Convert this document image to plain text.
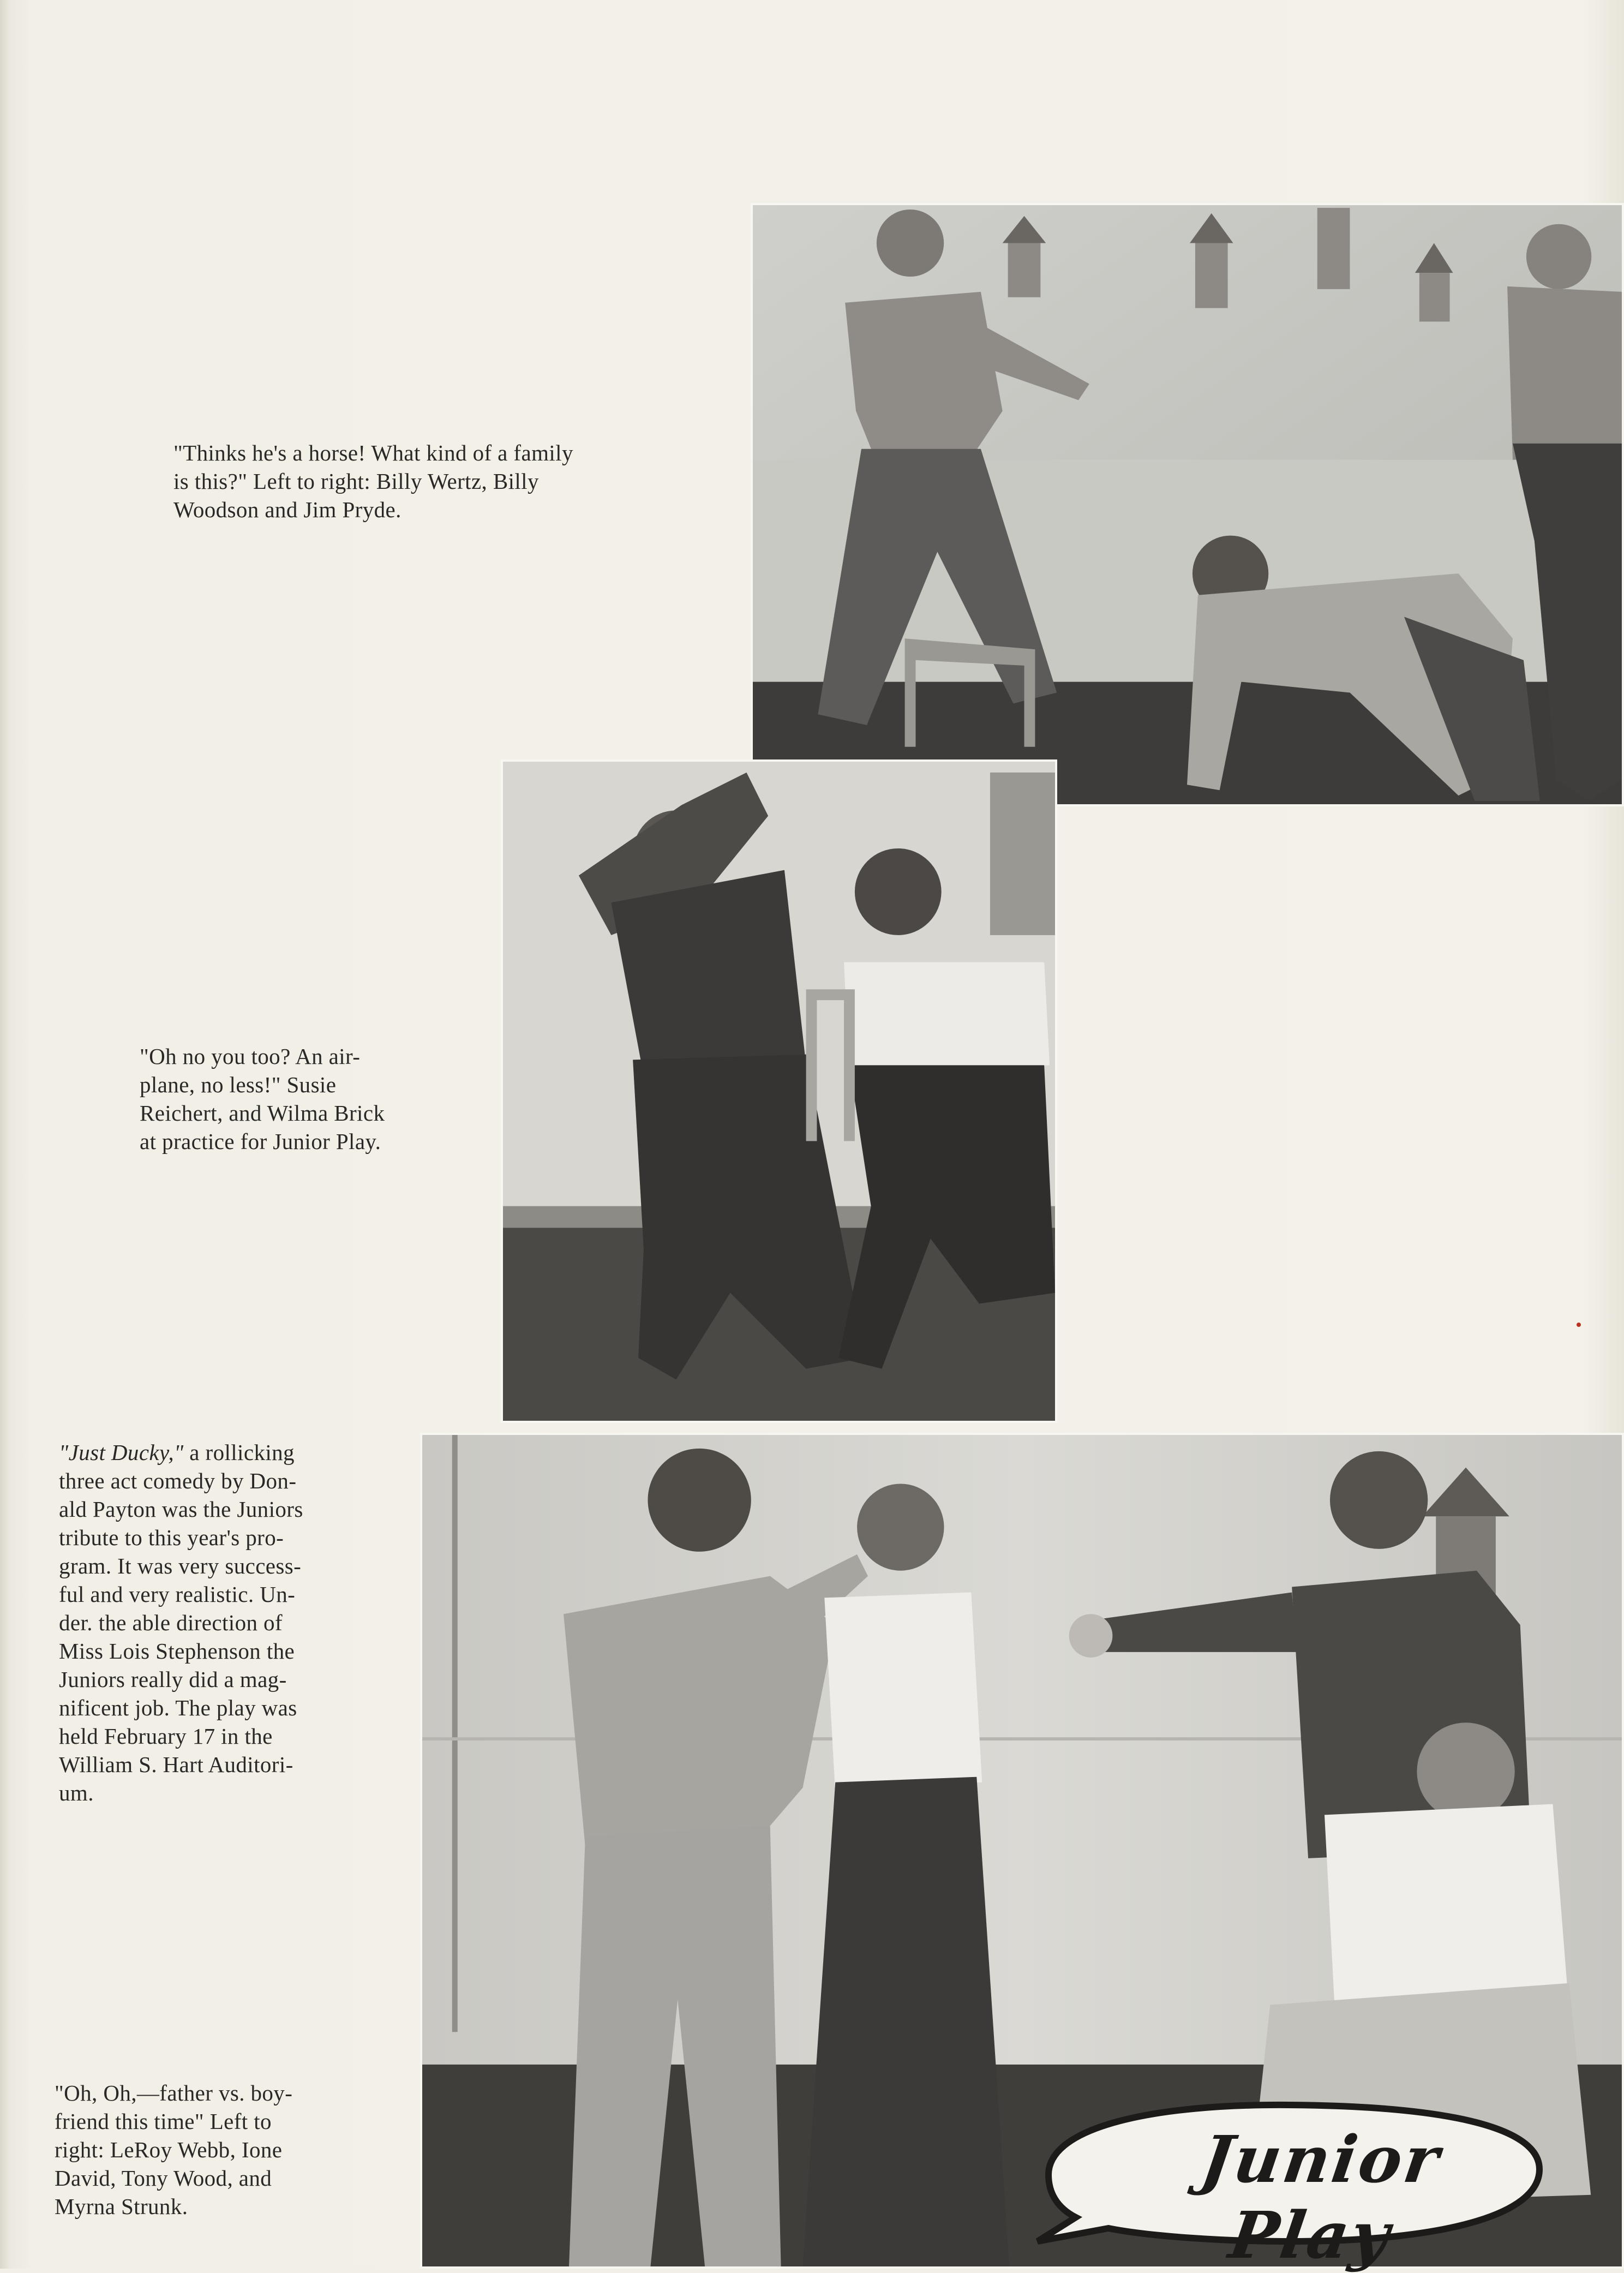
"Thinks he's a horse! What kind of a family
is this?" Left to right: Billy Wertz, Billy
Woodson and Jim Pryde.
"Oh no you too? An air-
plane, no less!" Susie
Reichert, and Wilma Brick
at practice for Junior Play.
"Just Ducky," a rollicking
three act comedy by Don-
ald Payton was the Juniors
tribute to this year's pro-
gram. It was very success-
ful and very realistic. Un-
der. the able direction of
Miss Lois Stephenson the
Juniors really did a mag-
nificent job. The play was
held February 17 in the
William S. Hart Auditori-
um.
"Oh, Oh,—father vs. boy-
friend this time" Left to
right: LeRoy Webb, Ione
David, Tony Wood, and
Myrna Strunk.
Junior Play
